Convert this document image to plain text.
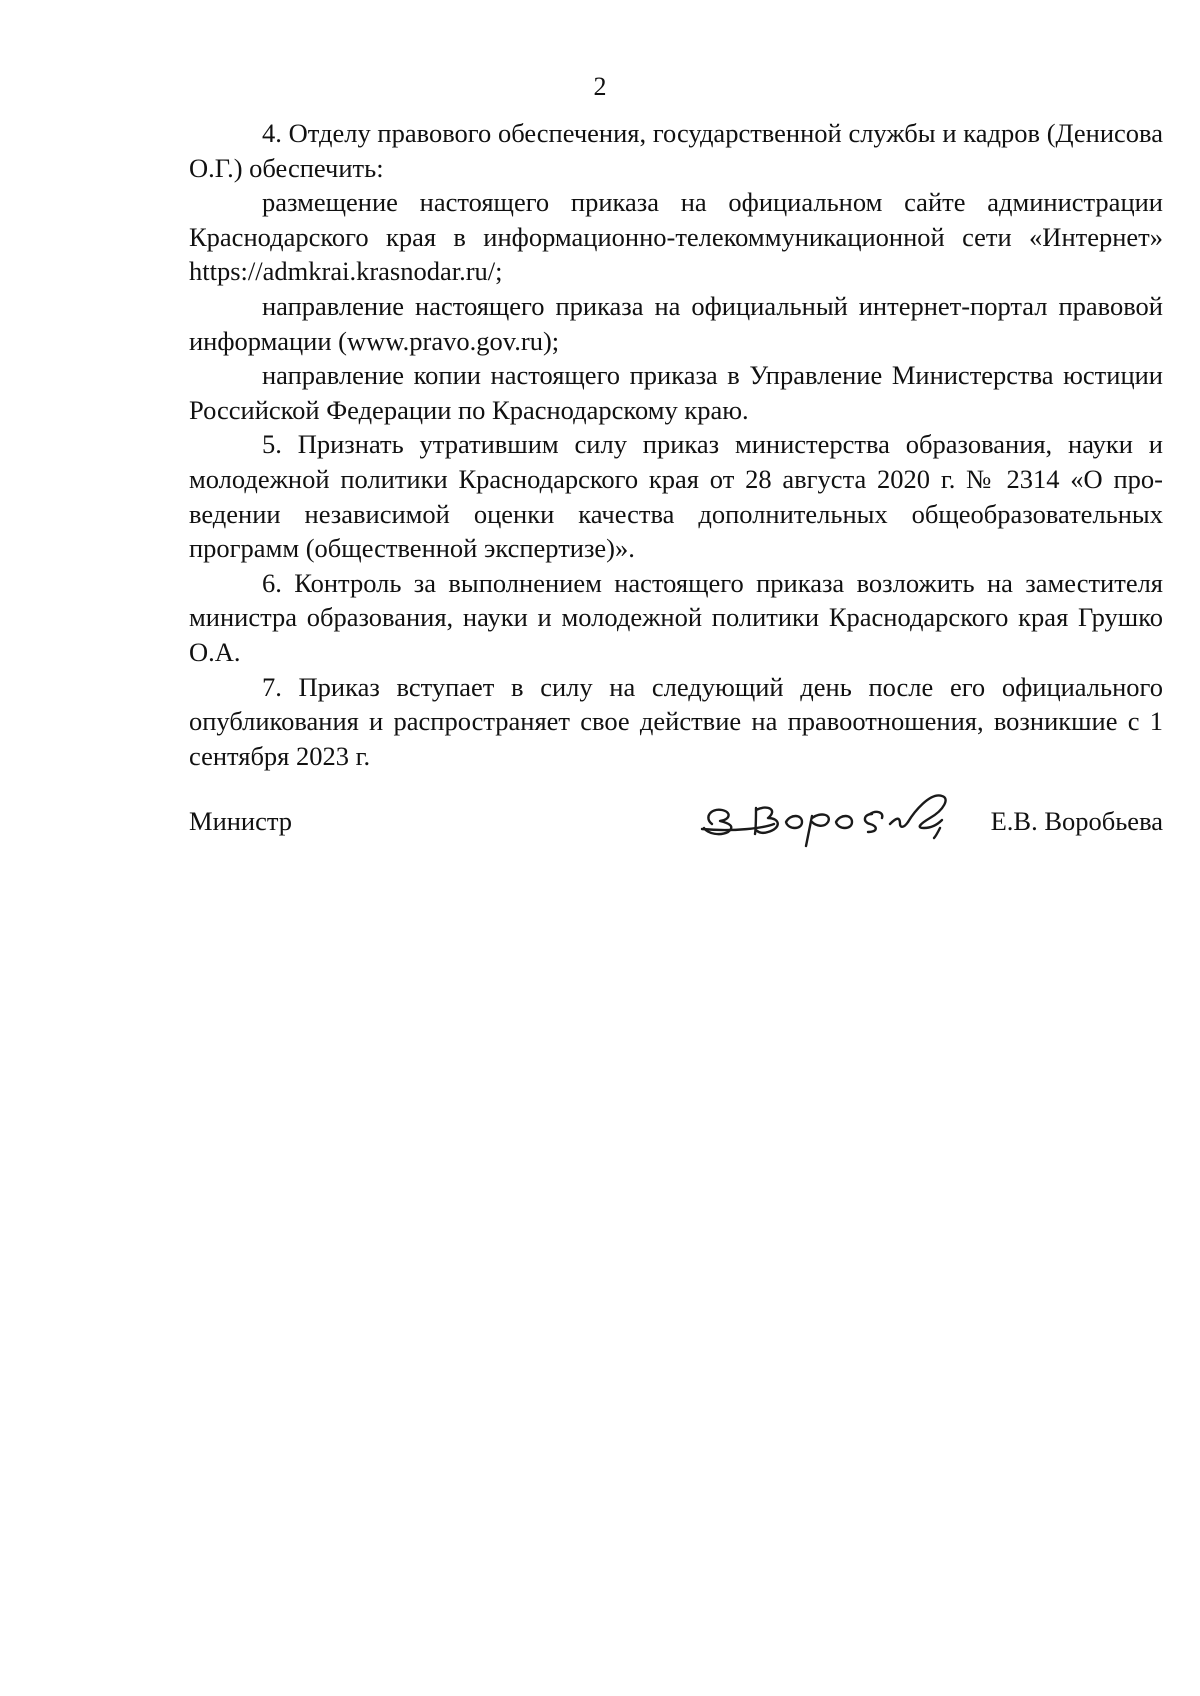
2

4. Отделу правового обеспечения, государственной службы и кадров (Денисова О.Г.) обеспечить:

размещение настоящего приказа на официальном сайте администрации Краснодарского края в информационно-телекоммуникационной сети «Интернет» https://admkrai.krasnodar.ru/;

направление настоящего приказа на официальный интернет-портал правовой информации (www.pravo.gov.ru);

направление копии настоящего приказа в Управление Министерства юстиции Российской Федерации по Краснодарскому краю.

5. Признать утратившим силу приказ министерства образования, науки и молодежной политики Краснодарского края от 28 августа 2020 г. № 2314 «О проведении независимой оценки качества дополнительных общеобразовательных программ (общественной экспертизе)».

6. Контроль за выполнением настоящего приказа возложить на заместителя министра образования, науки и молодежной политики Краснодарского края Грушко О.А.

7. Приказ вступает в силу на следующий день после его официального опубликования и распространяет свое действие на правоотношения, возникшие с 1 сентября 2023 г.

Министр	Е.В. Воробьева
